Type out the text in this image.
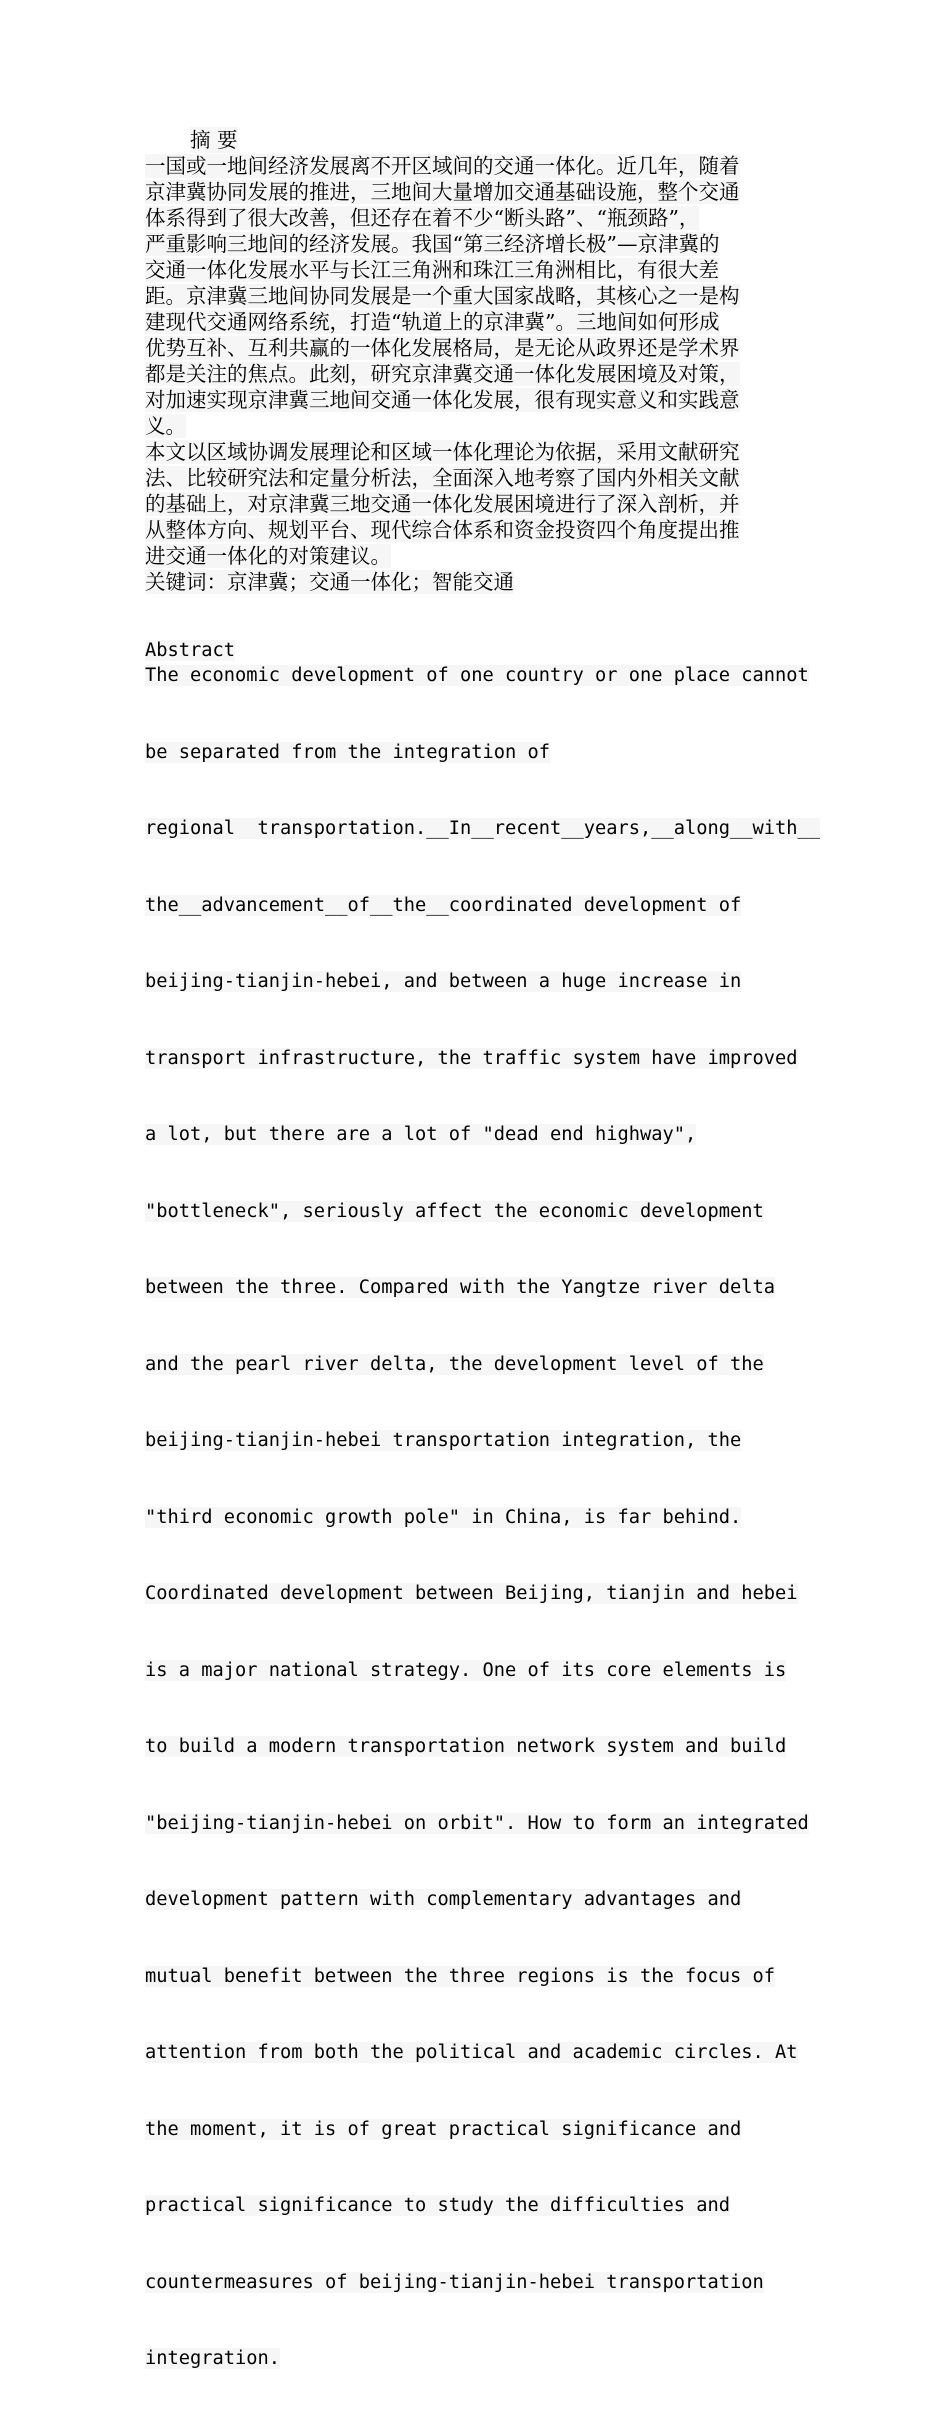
摘 要
一国或一地间经济发展离不开区域间的交通一体化。近几年，随着
京津冀协同发展的推进，三地间大量增加交通基础设施，整个交通
体系得到了很大改善，但还存在着不少“断头路”、“瓶颈路”，
严重影响三地间的经济发展。我国“第三经济增长极”—京津冀的
交通一体化发展水平与长江三角洲和珠江三角洲相比，有很大差
距。京津冀三地间协同发展是一个重大国家战略，其核心之一是构
建现代交通网络系统，打造“轨道上的京津冀”。三地间如何形成
优势互补、互利共赢的一体化发展格局，是无论从政界还是学术界
都是关注的焦点。此刻，研究京津冀交通一体化发展困境及对策，
对加速实现京津冀三地间交通一体化发展，很有现实意义和实践意
义。
本文以区域协调发展理论和区域一体化理论为依据，采用文献研究
法、比较研究法和定量分析法，全面深入地考察了国内外相关文献
的基础上，对京津冀三地交通一体化发展困境进行了深入剖析，并
从整体方向、规划平台、现代综合体系和资金投资四个角度提出推
进交通一体化的对策建议。
关键词：京津冀；交通一体化；智能交通

Abstract

The economic development of one country or one place cannot

be separated from the integration of

regional  transportation.__In__recent__years,__along__with__

the__advancement__of__the__coordinated development of

beijing-tianjin-hebei, and between a huge increase in

transport infrastructure, the traffic system have improved

a lot, but there are a lot of "dead end highway",

"bottleneck", seriously affect the economic development

between the three. Compared with the Yangtze river delta

and the pearl river delta, the development level of the

beijing-tianjin-hebei transportation integration, the

"third economic growth pole" in China, is far behind.

Coordinated development between Beijing, tianjin and hebei

is a major national strategy. One of its core elements is

to build a modern transportation network system and build

"beijing-tianjin-hebei on orbit". How to form an integrated

development pattern with complementary advantages and

mutual benefit between the three regions is the focus of

attention from both the political and academic circles. At

the moment, it is of great practical significance and

practical significance to study the difficulties and

countermeasures of beijing-tianjin-hebei transportation

integration.
